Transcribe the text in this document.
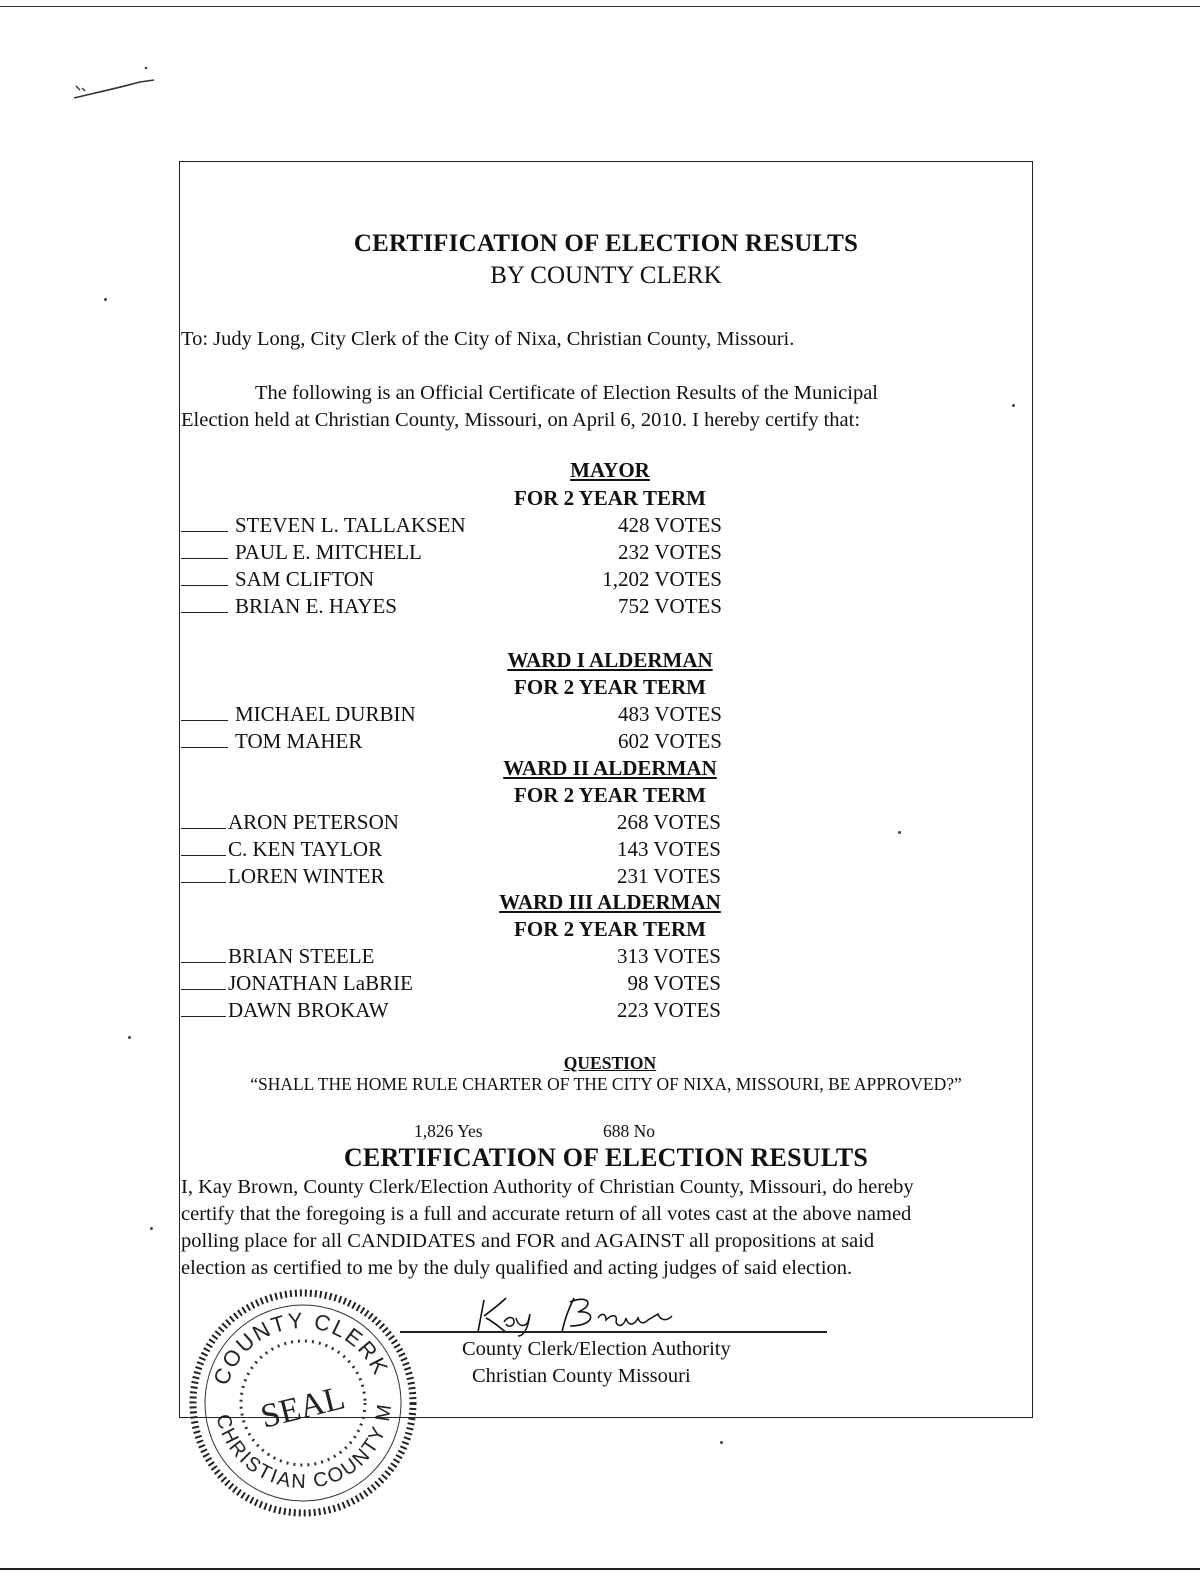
CERTIFICATION OF ELECTION RESULTS
BY COUNTY CLERK
To: Judy Long, City Clerk of the City of Nixa, Christian County, Missouri.
The following is an Official Certificate of Election Results of the Municipal
Election held at Christian County, Missouri, on April 6, 2010. I hereby certify that:
MAYOR
FOR 2 YEAR TERM
STEVEN L. TALLAKSEN	428 VOTES
PAUL E. MITCHELL	232 VOTES
SAM CLIFTON	1,202 VOTES
BRIAN E. HAYES	752 VOTES
WARD I ALDERMAN
FOR 2 YEAR TERM
MICHAEL DURBIN	483 VOTES
TOM MAHER	602 VOTES
WARD II ALDERMAN
FOR 2 YEAR TERM
ARON PETERSON	268 VOTES
C. KEN TAYLOR	143 VOTES
LOREN WINTER	231 VOTES
WARD III ALDERMAN
FOR 2 YEAR TERM
BRIAN STEELE	313 VOTES
JONATHAN LaBRIE	98 VOTES
DAWN BROKAW	223 VOTES
QUESTION
“SHALL THE HOME RULE CHARTER OF THE CITY OF NIXA, MISSOURI, BE APPROVED?”
1,826 Yes	688 No
CERTIFICATION OF ELECTION RESULTS
I, Kay Brown, County Clerk/Election Authority of Christian County, Missouri, do hereby
certify that the foregoing is a full and accurate return of all votes cast at the above named
polling place for all CANDIDATES and FOR and AGAINST all propositions at said
election as certified to me by the duly qualified and acting judges of said election.
County Clerk/Election Authority
Christian County Missouri
COUNTY CLERK
CHRISTIAN COUNTY MO
SEAL
